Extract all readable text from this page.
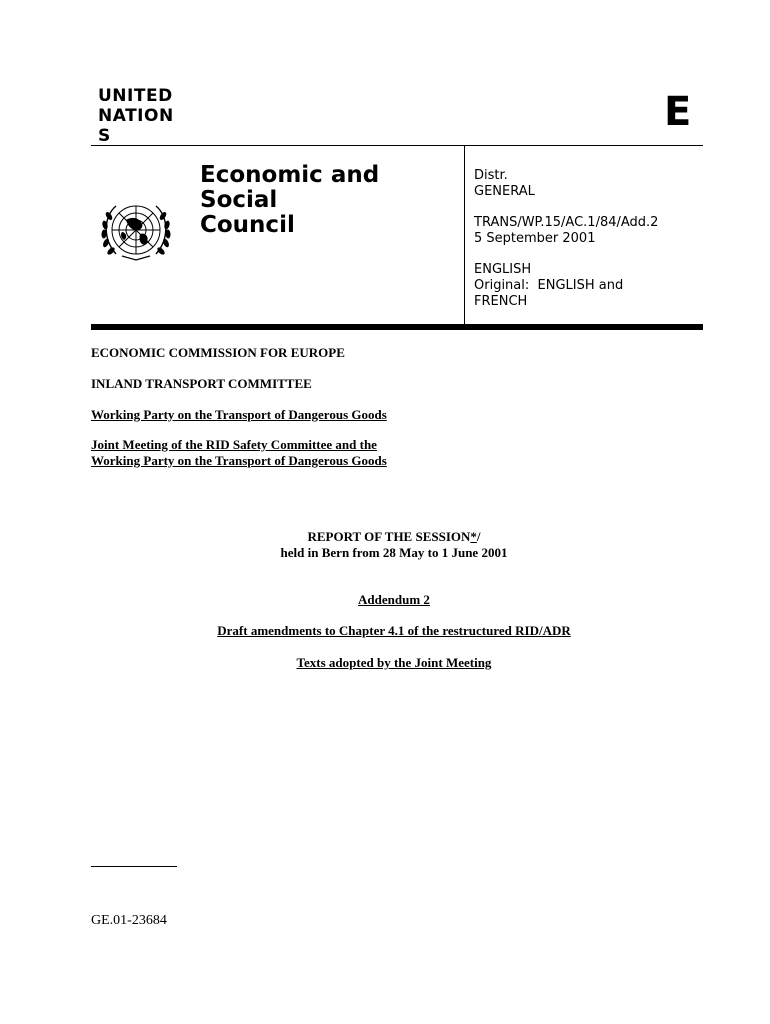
UNITED
NATION
S
E
Economic and
Social
Council
Distr.
GENERAL
TRANS/WP.15/AC.1/84/Add.2
5 September 2001
ENGLISH
Original:  ENGLISH and
FRENCH
ECONOMIC COMMISSION FOR EUROPE
INLAND TRANSPORT COMMITTEE
Working Party on the Transport of Dangerous Goods
Joint Meeting of the RID Safety Committee and the
Working Party on the Transport of Dangerous Goods
REPORT OF THE SESSION*/
held in Bern from 28 May to 1 June 2001
Addendum 2
Draft amendments to Chapter 4.1 of the restructured RID/ADR
Texts adopted by the Joint Meeting
GE.01-23684
